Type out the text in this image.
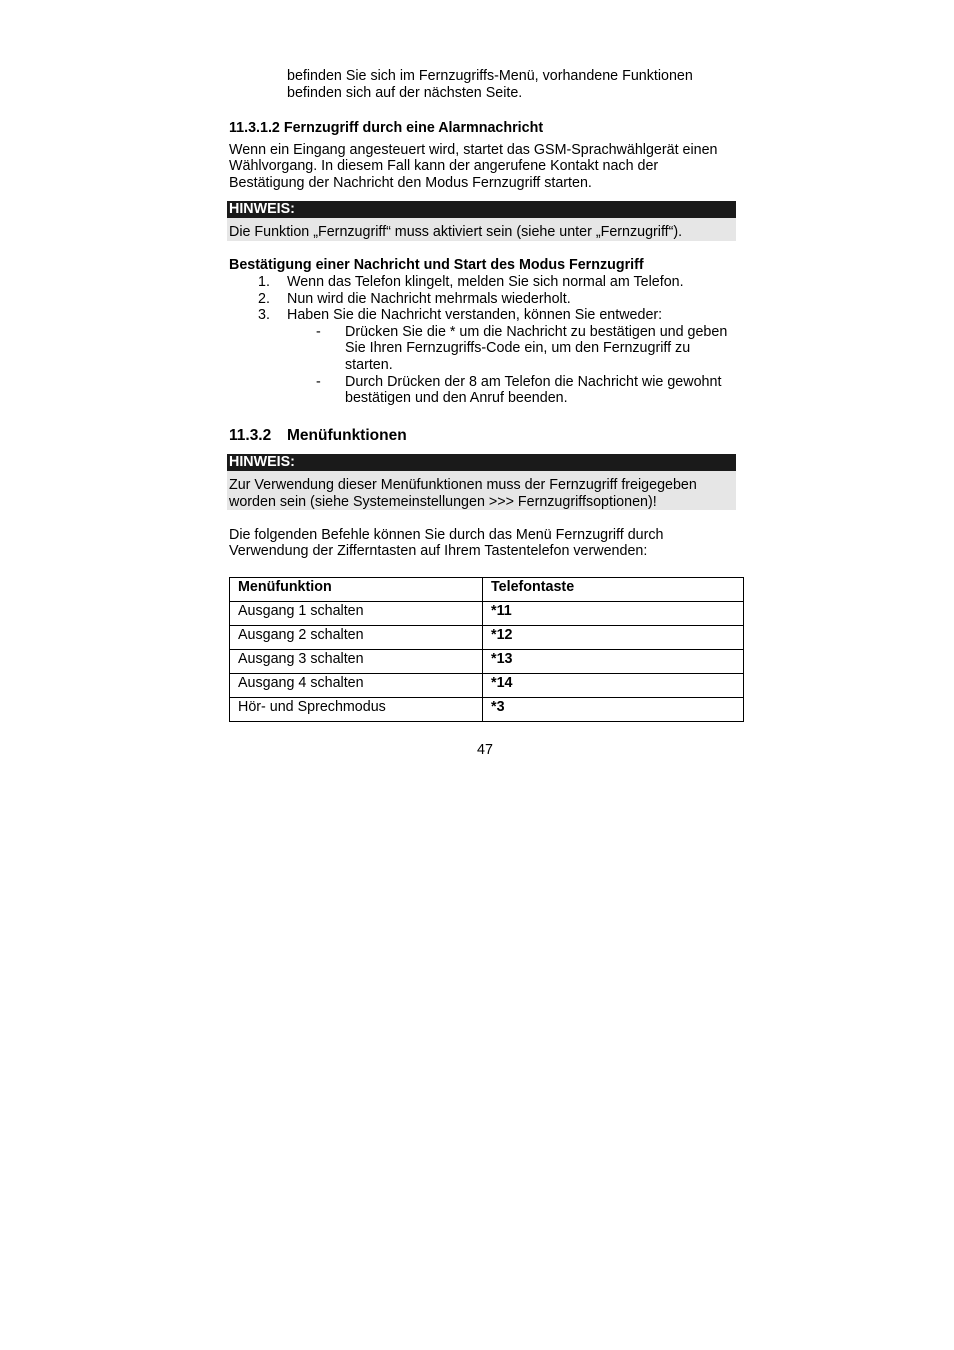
befinden Sie sich im Fernzugriffs-Menü, vorhandene Funktionen
befinden sich auf der nächsten Seite.
11.3.1.2 Fernzugriff durch eine Alarmnachricht
Wenn ein Eingang angesteuert wird, startet das GSM-Sprachwählgerät einen
Wählvorgang. In diesem Fall kann der angerufene Kontakt nach der
Bestätigung der Nachricht den Modus Fernzugriff starten.
HINWEIS:
Die Funktion „Fernzugriff“ muss aktiviert sein (siehe unter „Fernzugriff“).
Bestätigung einer Nachricht und Start des Modus Fernzugriff
1. Wenn das Telefon klingelt, melden Sie sich normal am Telefon.
2. Nun wird die Nachricht mehrmals wiederholt.
3. Haben Sie die Nachricht verstanden, können Sie entweder:
- Drücken Sie die * um die Nachricht zu bestätigen und geben
Sie Ihren Fernzugriffs-Code ein, um den Fernzugriff zu
starten.
- Durch Drücken der 8 am Telefon die Nachricht wie gewohnt
bestätigen und den Anruf beenden.
11.3.2 Menüfunktionen
HINWEIS:
Zur Verwendung dieser Menüfunktionen muss der Fernzugriff freigegeben
worden sein (siehe Systemeinstellungen >>> Fernzugriffsoptionen)!
Die folgenden Befehle können Sie durch das Menü Fernzugriff durch
Verwendung der Zifferntasten auf Ihrem Tastentelefon verwenden:
Menüfunktion	Telefontaste
Ausgang 1 schalten	*11
Ausgang 2 schalten	*12
Ausgang 3 schalten	*13
Ausgang 4 schalten	*14
Hör- und Sprechmodus	*3
47
